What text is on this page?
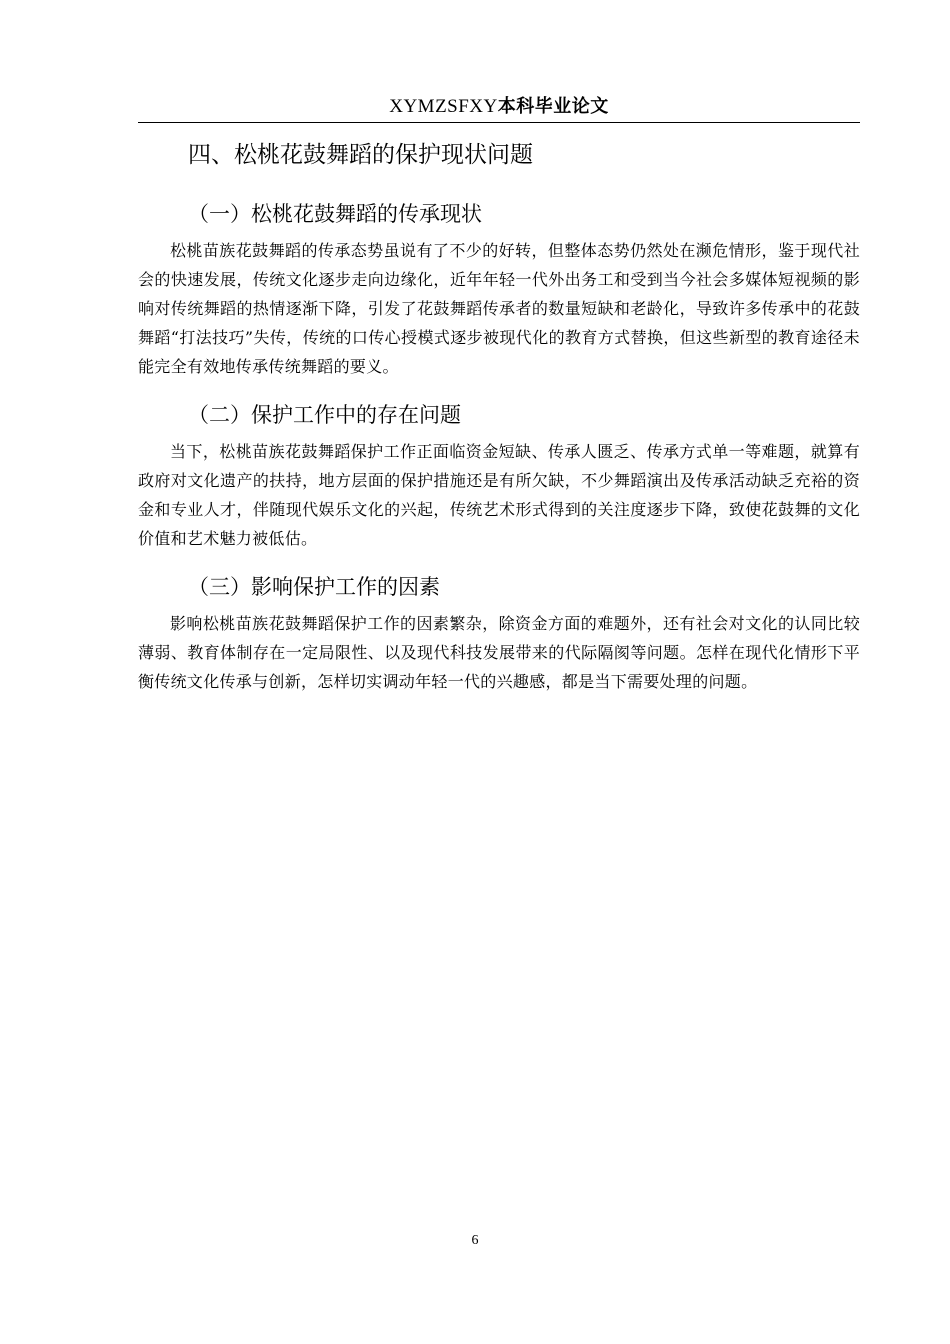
XYMZSFXY本科毕业论文
四、松桃花鼓舞蹈的保护现状问题
（一）松桃花鼓舞蹈的传承现状

松桃苗族花鼓舞蹈的传承态势虽说有了不少的好转，但整体态势仍然处在濒危情形，鉴于现代社会的快速发展，传统文化逐步走向边缘化，近年年轻一代外出务工和受到当今社会多媒体短视频的影响对传统舞蹈的热情逐渐下降，引发了花鼓舞蹈传承者的数量短缺和老龄化，导致许多传承中的花鼓舞蹈“打法技巧”失传，传统的口传心授模式逐步被现代化的教育方式替换，但这些新型的教育途径未能完全有效地传承传统舞蹈的要义。

（二）保护工作中的存在问题

当下，松桃苗族花鼓舞蹈保护工作正面临资金短缺、传承人匮乏、传承方式单一等难题，就算有政府对文化遗产的扶持，地方层面的保护措施还是有所欠缺，不少舞蹈演出及传承活动缺乏充裕的资金和专业人才，伴随现代娱乐文化的兴起，传统艺术形式得到的关注度逐步下降，致使花鼓舞的文化价值和艺术魅力被低估。

（三）影响保护工作的因素

影响松桃苗族花鼓舞蹈保护工作的因素繁杂，除资金方面的难题外，还有社会对文化的认同比较薄弱、教育体制存在一定局限性、以及现代科技发展带来的代际隔阂等问题。怎样在现代化情形下平衡传统文化传承与创新，怎样切实调动年轻一代的兴趣感，都是当下需要处理的问题。

6
